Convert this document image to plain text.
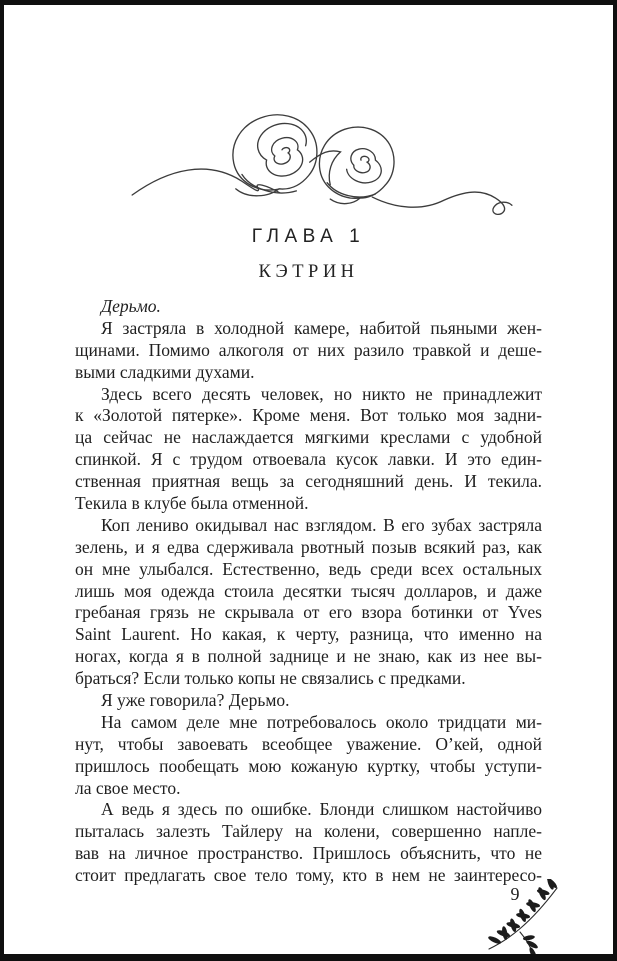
ГЛАВА 1
КЭТРИН
Дерьмо.
Я застряла в холодной камере, набитой пьяными жен-
щинами. Помимо алкоголя от них разило травкой и деше-
выми сладкими духами.
Здесь всего десять человек, но никто не принадлежит
к «Золотой пятерке». Кроме меня. Вот только моя задни-
ца сейчас не наслаждается мягкими креслами с удобной
спинкой. Я с трудом отвоевала кусок лавки. И это един-
ственная приятная вещь за сегодняшний день. И текила.
Текила в клубе была отменной.
Коп лениво окидывал нас взглядом. В его зубах застряла
зелень, и я едва сдерживала рвотный позыв всякий раз, как
он мне улыбался. Естественно, ведь среди всех остальных
лишь моя одежда стоила десятки тысяч долларов, и даже
гребаная грязь не скрывала от его взора ботинки от Yves
Saint Laurent. Но какая, к черту, разница, что именно на
ногах, когда я в полной заднице и не знаю, как из нее вы-
браться? Если только копы не связались с предками.
Я уже говорила? Дерьмо.
На самом деле мне потребовалось около тридцати ми-
нут, чтобы завоевать всеобщее уважение. О’кей, одной
пришлось пообещать мою кожаную куртку, чтобы уступи-
ла свое место.
А ведь я здесь по ошибке. Блонди слишком настойчиво
пыталась залезть Тайлеру на колени, совершенно напле-
вав на личное пространство. Пришлось объяснить, что не
стоит предлагать свое тело тому, кто в нем не заинтересо-
9
